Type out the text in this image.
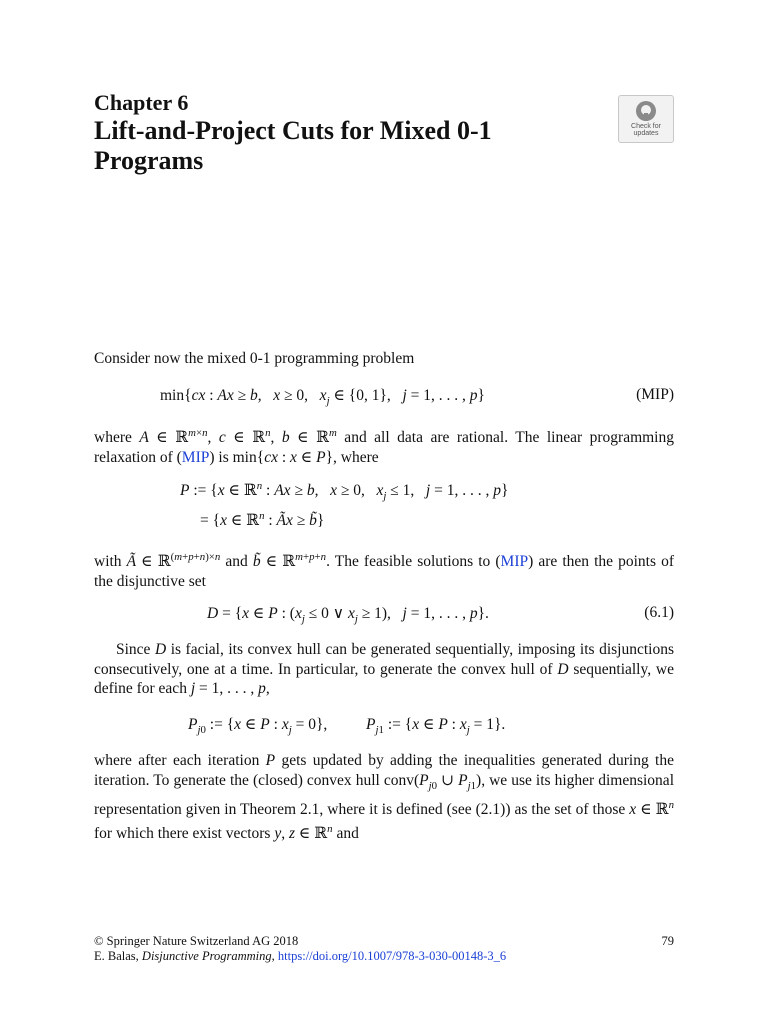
Chapter 6
Lift-and-Project Cuts for Mixed 0-1 Programs
Check for
updates
Consider now the mixed 0-1 programming problem
min{cx : Ax ≥ b,   x ≥ 0,   $x_j$ ∈ {0, 1},   j = 1, . . . , p}	(MIP)
where A ∈ ℝ$^{m\times n}$, c ∈ ℝ$^n$, b ∈ ℝ$^m$ and all data are rational. The linear programming relaxation of (MIP) is min{cx : x ∈ P}, where
P := {x ∈ ℝ$^n$ : Ax ≥ b,   x ≥ 0,   $x_j \le 1$,   j = 1, . . . , p}
= {x ∈ ℝ$^n$ : Ãx ≥ b̃}
with Ã ∈ ℝ$^{(m+p+n)\times n}$ and b̃ ∈ ℝ$^{m+p+n}$. The feasible solutions to (MIP) are then the points of the disjunctive set
D = {x ∈ P : ($x_j \le 0$ ∨ $x_j \ge 1$),   j = 1, . . . , p}.	(6.1)
Since D is facial, its convex hull can be generated sequentially, imposing its disjunctions consecutively, one at a time. In particular, to generate the convex hull of D sequentially, we define for each j = 1, . . . , p,
$P_{j0}$ := {x ∈ P : $x_j = 0$},          $P_{j1}$ := {x ∈ P : $x_j = 1$}.
where after each iteration P gets updated by adding the inequalities generated during the iteration. To generate the (closed) convex hull $conv(P_{j0}$ ∪ $P_{j1}$), we use its higher dimensional representation given in Theorem 2.1, where it is defined (see (2.1)) as the set of those x ∈ ℝ$^n$ for which there exist vectors y, z ∈ ℝ$^n$ and
© Springer Nature Switzerland AG 2018	79
E. Balas, Disjunctive Programming, https://doi.org/10.1007/978-3-030-00148-3_6
